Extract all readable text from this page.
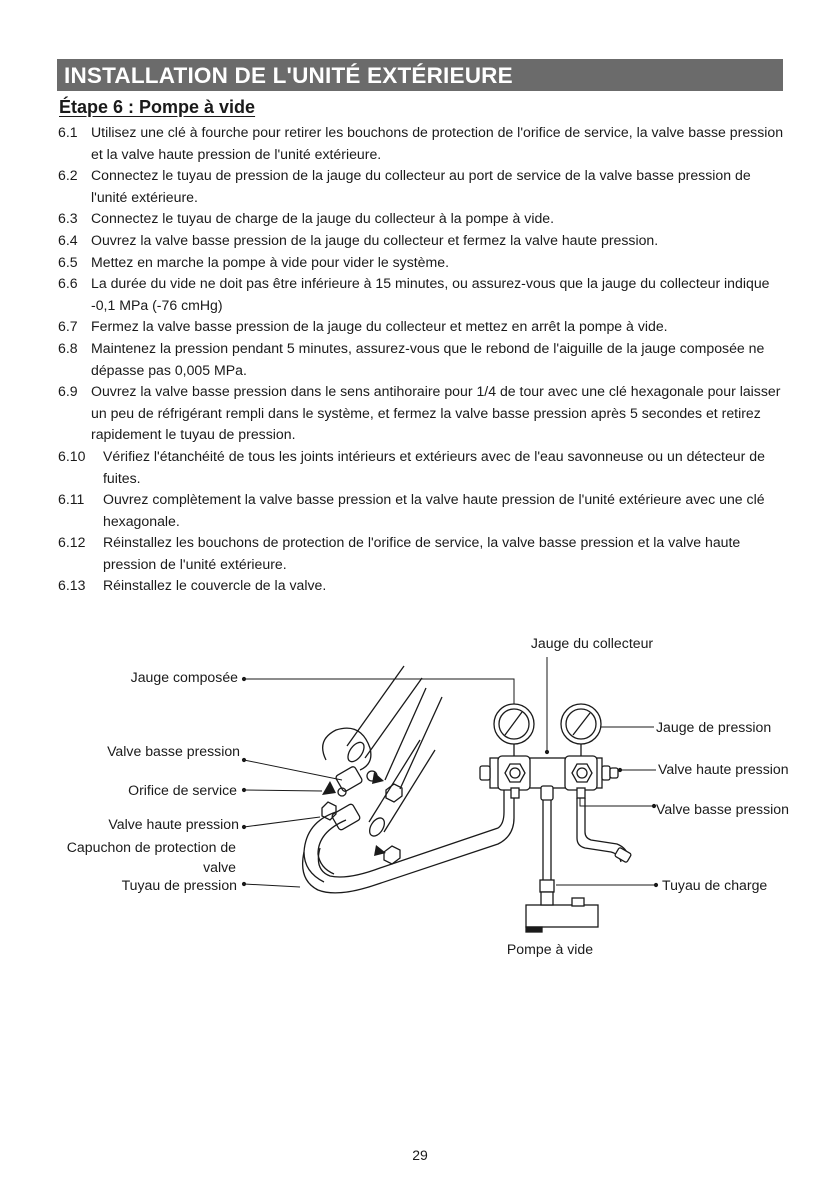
INSTALLATION DE L'UNITÉ EXTÉRIEURE
Étape 6 : Pompe à vide
6.1 Utilisez une clé à fourche pour retirer les bouchons de protection de l'orifice de service, la valve basse pression et la valve haute pression de l'unité extérieure.
6.2 Connectez le tuyau de pression de la jauge du collecteur au port de service de la valve basse pression de l'unité extérieure.
6.3 Connectez le tuyau de charge de la jauge du collecteur à la pompe à vide.
6.4 Ouvrez la valve basse pression de la jauge du collecteur et fermez la valve haute pression.
6.5 Mettez en marche la pompe à vide pour vider le système.
6.6 La durée du vide ne doit pas être inférieure à 15 minutes, ou assurez-vous que la jauge du collecteur indique -0,1 MPa (-76 cmHg)
6.7 Fermez la valve basse pression de la jauge du collecteur et mettez en arrêt la pompe à vide.
6.8 Maintenez la pression pendant 5 minutes, assurez-vous que le rebond de l'aiguille de la jauge composée ne dépasse pas 0,005 MPa.
6.9 Ouvrez la valve basse pression dans le sens antihoraire pour 1/4 de tour avec une clé hexagonale pour laisser un peu de réfrigérant rempli dans le système, et fermez la valve basse pression après 5 secondes et retirez rapidement le tuyau de pression.
6.10	Vérifiez l'étanchéité de tous les joints intérieurs et extérieurs avec de l'eau savonneuse ou un détecteur de fuites.
6.11	Ouvrez complètement la valve basse pression et la valve haute pression de l'unité extérieure avec une clé hexagonale.
6.12	Réinstallez les bouchons de protection de l'orifice de service, la valve basse pression et la valve haute pression de l'unité extérieure.
6.13	Réinstallez le couvercle de la valve.
Jauge du collecteur
Jauge composée
Jauge de pression
Valve basse pression
Valve haute pression
Orifice de service
Valve basse pression
Valve haute pression
Capuchon de protection de
valve
Tuyau de pression	Tuyau de charge
Pompe à vide
29
